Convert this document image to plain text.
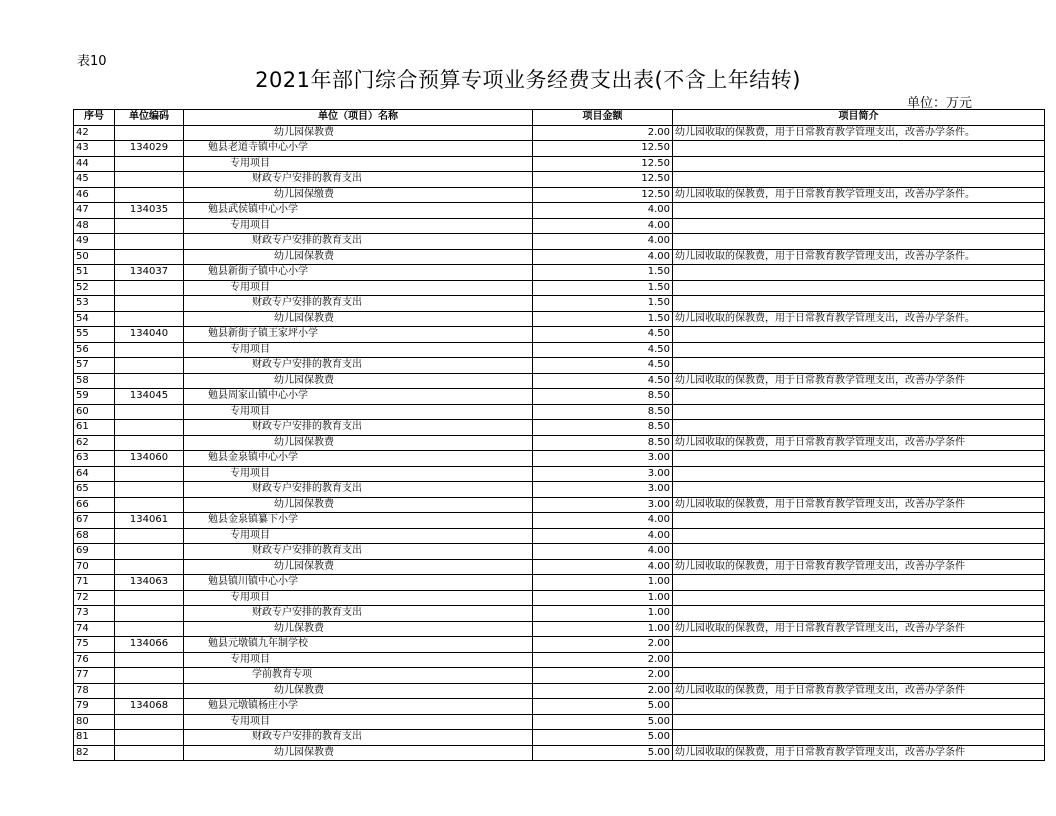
表10
2021年部门综合预算专项业务经费支出表(不含上年结转)
单位：万元
序号	单位编码	单位（项目）名称	项目金额	项目简介
42		幼儿园保教费	2.00	幼儿园收取的保教费，用于日常教育教学管理支出，改善办学条件。
43	134029	勉县老道寺镇中心小学	12.50	
44		专用项目	12.50	
45		财政专户安排的教育支出	12.50	
46		幼儿园保缴费	12.50	幼儿园收取的保教费，用于日常教育教学管理支出，改善办学条件。
47	134035	勉县武侯镇中心小学	4.00	
48		专用项目	4.00	
49		财政专户安排的教育支出	4.00	
50		幼儿园保教费	4.00	幼儿园收取的保教费，用于日常教育教学管理支出，改善办学条件。
51	134037	勉县新街子镇中心小学	1.50	
52		专用项目	1.50	
53		财政专户安排的教育支出	1.50	
54		幼儿园保教费	1.50	幼儿园收取的保教费，用于日常教育教学管理支出，改善办学条件。
55	134040	勉县新街子镇王家坪小学	4.50	
56		专用项目	4.50	
57		财政专户安排的教育支出	4.50	
58		幼儿园保教费	4.50	幼儿园收取的保教费，用于日常教育教学管理支出，改善办学条件
59	134045	勉县周家山镇中心小学	8.50	
60		专用项目	8.50	
61		财政专户安排的教育支出	8.50	
62		幼儿园保教费	8.50	幼儿园收取的保教费，用于日常教育教学管理支出，改善办学条件
63	134060	勉县金泉镇中心小学	3.00	
64		专用项目	3.00	
65		财政专户安排的教育支出	3.00	
66		幼儿园保教费	3.00	幼儿园收取的保教费，用于日常教育教学管理支出，改善办学条件
67	134061	勉县金泉镇纂下小学	4.00	
68		专用项目	4.00	
69		财政专户安排的教育支出	4.00	
70		幼儿园保教费	4.00	幼儿园收取的保教费，用于日常教育教学管理支出，改善办学条件
71	134063	勉县镇川镇中心小学	1.00	
72		专用项目	1.00	
73		财政专户安排的教育支出	1.00	
74		幼儿保教费	1.00	幼儿园收取的保教费，用于日常教育教学管理支出，改善办学条件
75	134066	勉县元墩镇九年制学校	2.00	
76		专用项目	2.00	
77		学前教育专项	2.00	
78		幼儿保教费	2.00	幼儿园收取的保教费，用于日常教育教学管理支出，改善办学条件
79	134068	勉县元墩镇杨庄小学	5.00	
80		专用项目	5.00	
81		财政专户安排的教育支出	5.00	
82		幼儿园保教费	5.00	幼儿园收取的保教费，用于日常教育教学管理支出，改善办学条件
